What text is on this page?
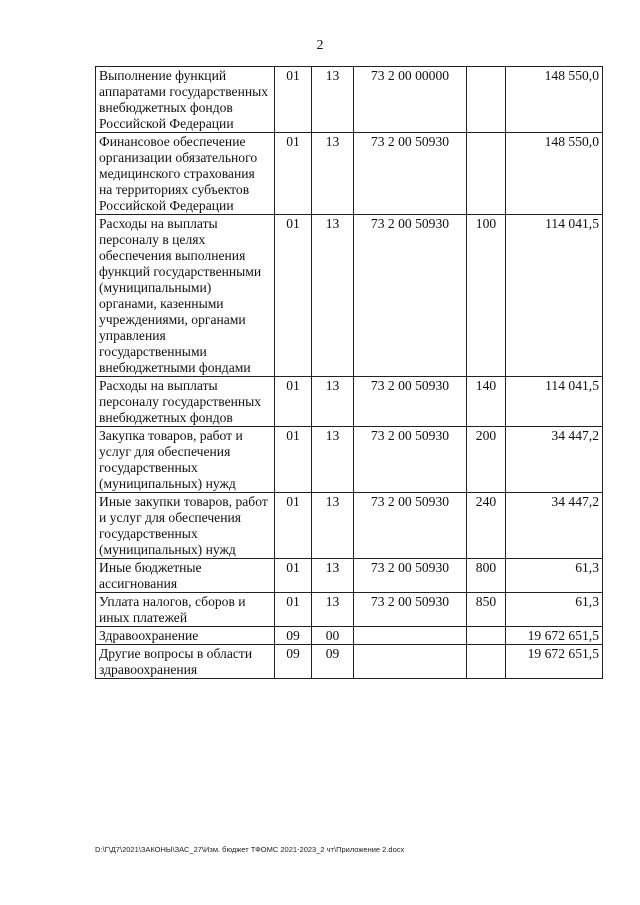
2
Выполнение функций аппаратами государственных внебюджетных фондов Российской Федерации	01	13	73 2 00 00000		148 550,0
Финансовое обеспечение организации обязательного медицинского страхования на территориях субъектов Российской Федерации	01	13	73 2 00 50930		148 550,0
Расходы на выплаты персоналу в целях обеспечения выполнения функций государственными (муниципальными) органами, казенными учреждениями, органами управления государственными внебюджетными фондами	01	13	73 2 00 50930	100	114 041,5
Расходы на выплаты персоналу государственных внебюджетных фондов	01	13	73 2 00 50930	140	114 041,5
Закупка товаров, работ и услуг для обеспечения государственных (муниципальных) нужд	01	13	73 2 00 50930	200	34 447,2
Иные закупки товаров, работ и услуг для обеспечения государственных (муниципальных) нужд	01	13	73 2 00 50930	240	34 447,2
Иные бюджетные ассигнования	01	13	73 2 00 50930	800	61,3
Уплата налогов, сборов и иных платежей	01	13	73 2 00 50930	850	61,3
Здравоохранение	09	00			19 672 651,5
Другие вопросы в области здравоохранения	09	09			19 672 651,5
D:\Г\Д7\2021\ЗАКОНЫ\ЗАС_27\Изм. бюджет ТФОМС 2021-2023_2 чт\Приложение 2.docx
